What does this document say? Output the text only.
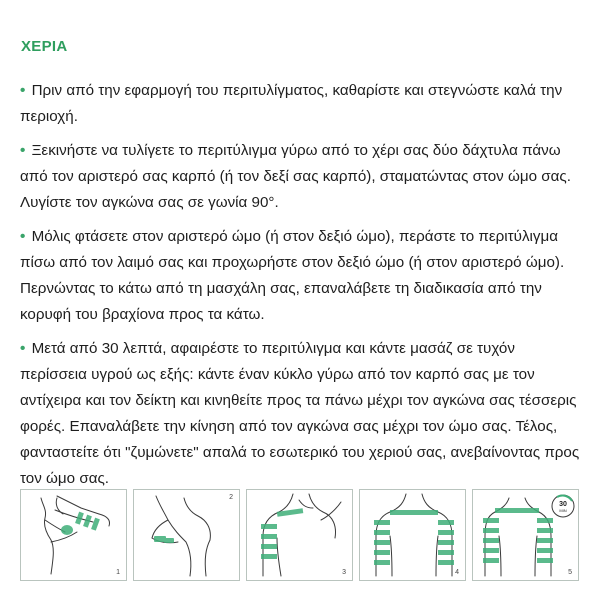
ΧΕΡΙΑ

• Πριν από την εφαρμογή του περιτυλίγματος, καθαρίστε και στεγνώστε καλά την περιοχή.

• Ξεκινήστε να τυλίγετε το περιτύλιγμα γύρω από το χέρι σας δύο δάχτυλα πάνω από τον αριστερό σας καρπό (ή τον δεξί σας καρπό), σταματώντας στον ώμο σας. Λυγίστε τον αγκώνα σας σε γωνία 90°.

• Μόλις φτάσετε στον αριστερό ώμο (ή στον δεξιό ώμο), περάστε το περιτύλιγμα πίσω από τον λαιμό σας και προχωρήστε στον δεξιό ώμο (ή στον αριστερό ώμο). Περνώντας το κάτω από τη μασχάλη σας, επαναλάβετε τη διαδικασία από την κορυφή του βραχίονα προς τα κάτω.

• Μετά από 30 λεπτά, αφαιρέστε το περιτύλιγμα και κάντε μασάζ σε τυχόν περίσσεια υγρού ως εξής: κάντε έναν κύκλο γύρω από τον καρπό σας με τον αντίχειρα και τον δείκτη και κινηθείτε προς τα πάνω μέχρι τον αγκώνα σας τέσσερις φορές. Επαναλάβετε την κίνηση από τον αγκώνα σας μέχρι τον ώμο σας. Τέλος, φανταστείτε ότι "ζυμώνετε" απαλά το εσωτερικό του χεριού σας, ανεβαίνοντας προς τον ώμο σας.

1
2
3	4
30
MIN
5
